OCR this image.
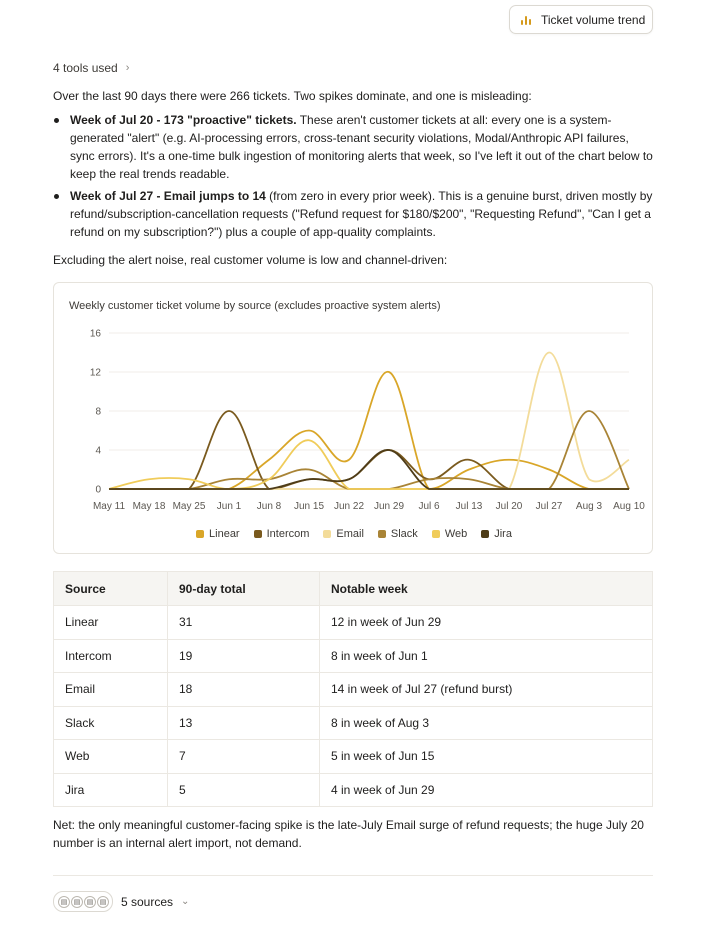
Ticket volume trend
4 tools used ›

Over the last 90 days there were 266 tickets. Two spikes dominate, and one is misleading:

Week of Jul 20 - 173 "proactive" tickets. These aren't customer tickets at all: every one is a system-generated "alert" (e.g. AI-processing errors, cross-tenant security violations, Modal/Anthropic API failures, sync errors). It's a one-time bulk ingestion of monitoring alerts that week, so I've left it out of the chart below to keep the real trends readable.
Week of Jul 27 - Email jumps to 14 (from zero in every prior week). This is a genuine burst, driven mostly by refund/subscription-cancellation requests ("Refund request for $180/$200", "Requesting Refund", "Can I get a refund on my subscription?") plus a couple of app-quality complaints.

Excluding the alert noise, real customer volume is low and channel-driven:

Weekly customer ticket volume by source (excludes proactive system alerts)
0
4
8
12
16
May 11 May 18 May 25 Jun 1 Jun 8 Jun 15 Jun 22 Jun 29 Jul 6 Jul 13 Jul 20 Jul 27 Aug 3 Aug 10
Linear Intercom Email Slack Web Jira
Source	90-day total	Notable week
Linear	31	12 in week of Jun 29
Intercom	19	8 in week of Jun 1
Email	18	14 in week of Jul 27 (refund burst)
Slack	13	8 in week of Aug 3
Web	7	5 in week of Jun 15
Jira	5	4 in week of Jun 29

Net: the only meaningful customer-facing spike is the late-July Email surge of refund requests; the huge July 20 number is an internal alert import, not demand.

▤ ▤ ▤ ▤ 5 sources ⌄
